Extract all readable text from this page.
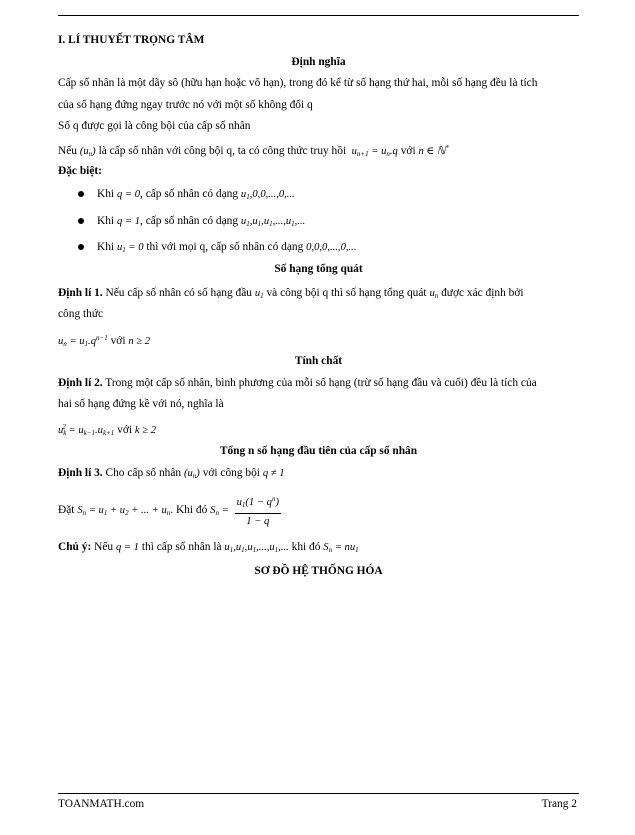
I. LÍ THUYẾT TRỌNG TÂM
Định nghĩa
Cấp số nhân là một dãy sô (hữu hạn hoặc vô hạn), trong đó kể từ số hạng thứ hai, mỗi số hạng đều là tích
của số hạng đứng ngay trước nó với một số không đổi q
Số q được gọi là công bội của cấp số nhân
Nếu $(u_n)$ là cấp số nhân với công bội q, ta có công thức truy hồi  $u_{n+1} = u_n.q$ với n ∈ ℕ*
Đặc biệt:
Khi q = 0, cấp số nhân có dạng $u_1,0,0,...,0$,...
Khi q = 1, cấp số nhân có dạng $u_1,u_1,u_1,...,u_1$,...
Khi $u_1 = 0$ thì với mọi q, cấp số nhân có dạng 0,0,0,...,0,...
Số hạng tổng quát
Định lí 1. Nếu cấp số nhân có số hạng đầu $u_1$ và công bội q thì số hạng tổng quát $u_n$ được xác định bởi
công thức
$u_n = u_1.q^{n-1}$ với n ≥ 2
Tính chất
Định lí 2. Trong một cấp số nhân, bình phương của mỗi số hạng (trừ số hạng đầu và cuối) đều là tích của
hai số hạng đứng kề với nó, nghĩa là
$u_k^2 = u_{k-1}.u_{k+1}$ với k ≥ 2
Tổng n số hạng đầu tiên của cấp số nhân
Định lí 3. Cho cấp số nhân $(u_n)$ với công bội q ≠ 1
Đặt $S_n = u_1 + u_2$ + ... + $u_n$. Khi đó $S_n = \frac{u_1(1 - q^n)}{1 - q}$
Chú ý: Nếu q = 1 thì cấp số nhân là $u_1,u_1,u_1,...,u_1$,... khi đó $S_n = nu_1$
SƠ ĐỒ HỆ THỐNG HÓA
TOANMATH.com	Trang 2
